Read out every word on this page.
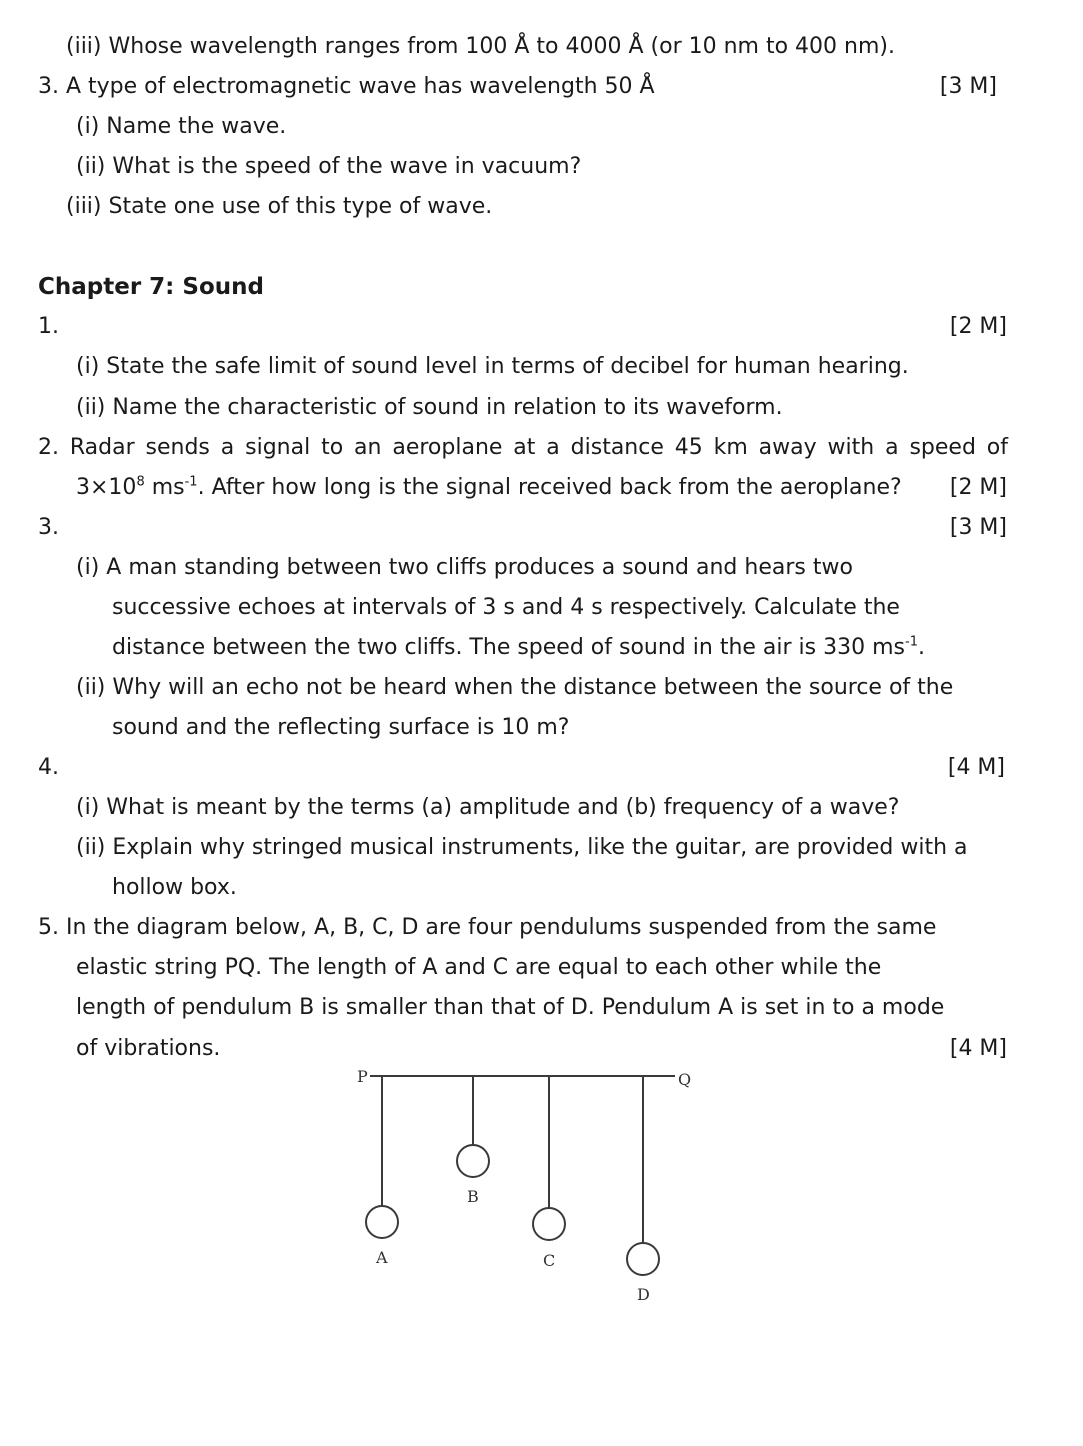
(iii) Whose wavelength ranges from 100 Å to 4000 Å (or 10 nm to 400 nm).
3. A type of electromagnetic wave has wavelength 50 Å	[3 M]
(i) Name the wave.
(ii) What is the speed of the wave in vacuum?
(iii) State one use of this type of wave.
Chapter 7: Sound
1.	[2 M]
(i) State the safe limit of sound level in terms of decibel for human hearing.
(ii) Name the characteristic of sound in relation to its waveform.
2. Radar sends a signal to an aeroplane at a distance 45 km away with a speed of
$3\times 10^8$ $ms^{-1}$. After how long is the signal received back from the aeroplane? [2 M]
3.	[3 M]
(i) A man standing between two cliffs produces a sound and hears two
successive echoes at intervals of 3 s and 4 s respectively. Calculate the
distance between the two cliffs. The speed of sound in the air is 330 $ms^{-1}$.
(ii) Why will an echo not be heard when the distance between the source of the
sound and the reflecting surface is 10 m?
4.	[4 M]
(i) What is meant by the terms (a) amplitude and (b) frequency of a wave?
(ii) Explain why stringed musical instruments, like the guitar, are provided with a
hollow box.
5. In the diagram below, A, B, C, D are four pendulums suspended from the same
elastic string PQ. The length of A and C are equal to each other while the
length of pendulum B is smaller than that of D. Pendulum A is set in to a mode
of vibrations.	[4 M]
P	Q
A
B
C
D
